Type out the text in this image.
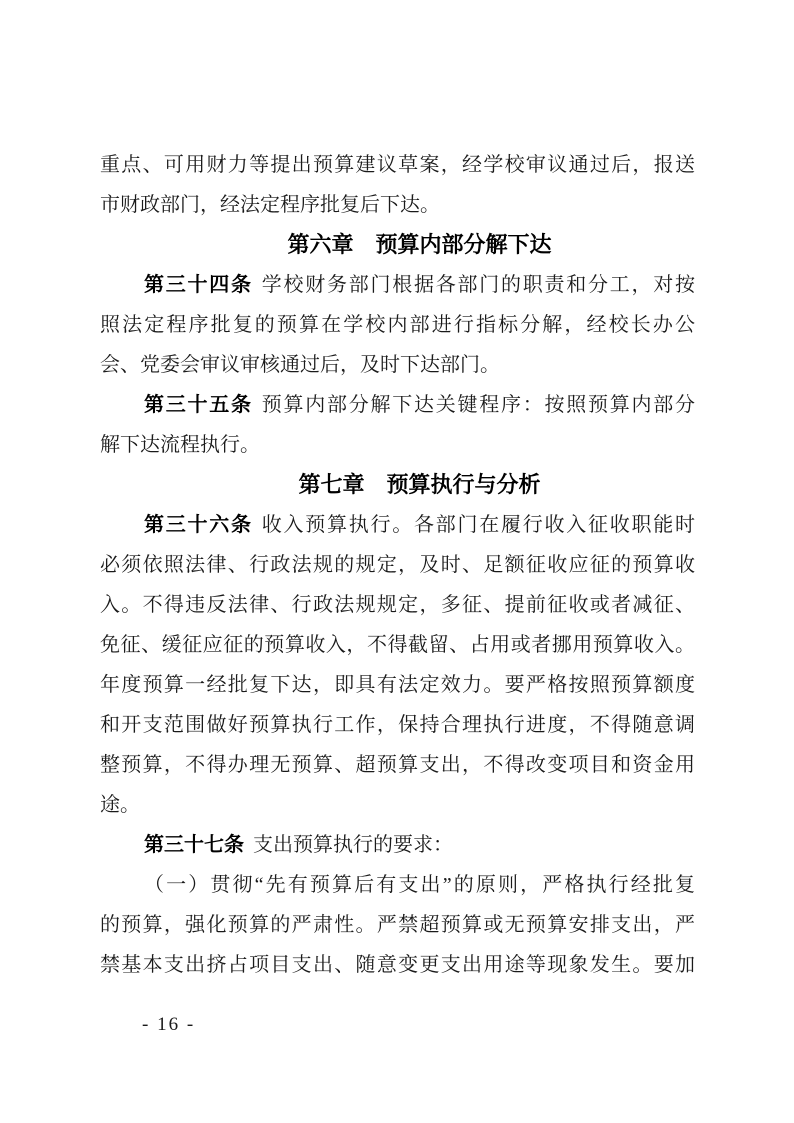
重点、可用财力等提出预算建议草案，经学校审议通过后，报送
市财政部门，经法定程序批复后下达。
第六章　预算内部分解下达
第三十四条 学校财务部门根据各部门的职责和分工，对按
照法定程序批复的预算在学校内部进行指标分解，经校长办公
会、党委会审议审核通过后，及时下达部门。
第三十五条 预算内部分解下达关键程序：按照预算内部分
解下达流程执行。
第七章　预算执行与分析
第三十六条 收入预算执行。各部门在履行收入征收职能时
必须依照法律、行政法规的规定，及时、足额征收应征的预算收
入。不得违反法律、行政法规规定，多征、提前征收或者减征、
免征、缓征应征的预算收入，不得截留、占用或者挪用预算收入。
年度预算一经批复下达，即具有法定效力。要严格按照预算额度
和开支范围做好预算执行工作，保持合理执行进度，不得随意调
整预算，不得办理无预算、超预算支出，不得改变项目和资金用
途。
第三十七条 支出预算执行的要求：
（一）贯彻“先有预算后有支出”的原则，严格执行经批复
的预算，强化预算的严肃性。严禁超预算或无预算安排支出，严
禁基本支出挤占项目支出、随意变更支出用途等现象发生。要加
- 16 -
